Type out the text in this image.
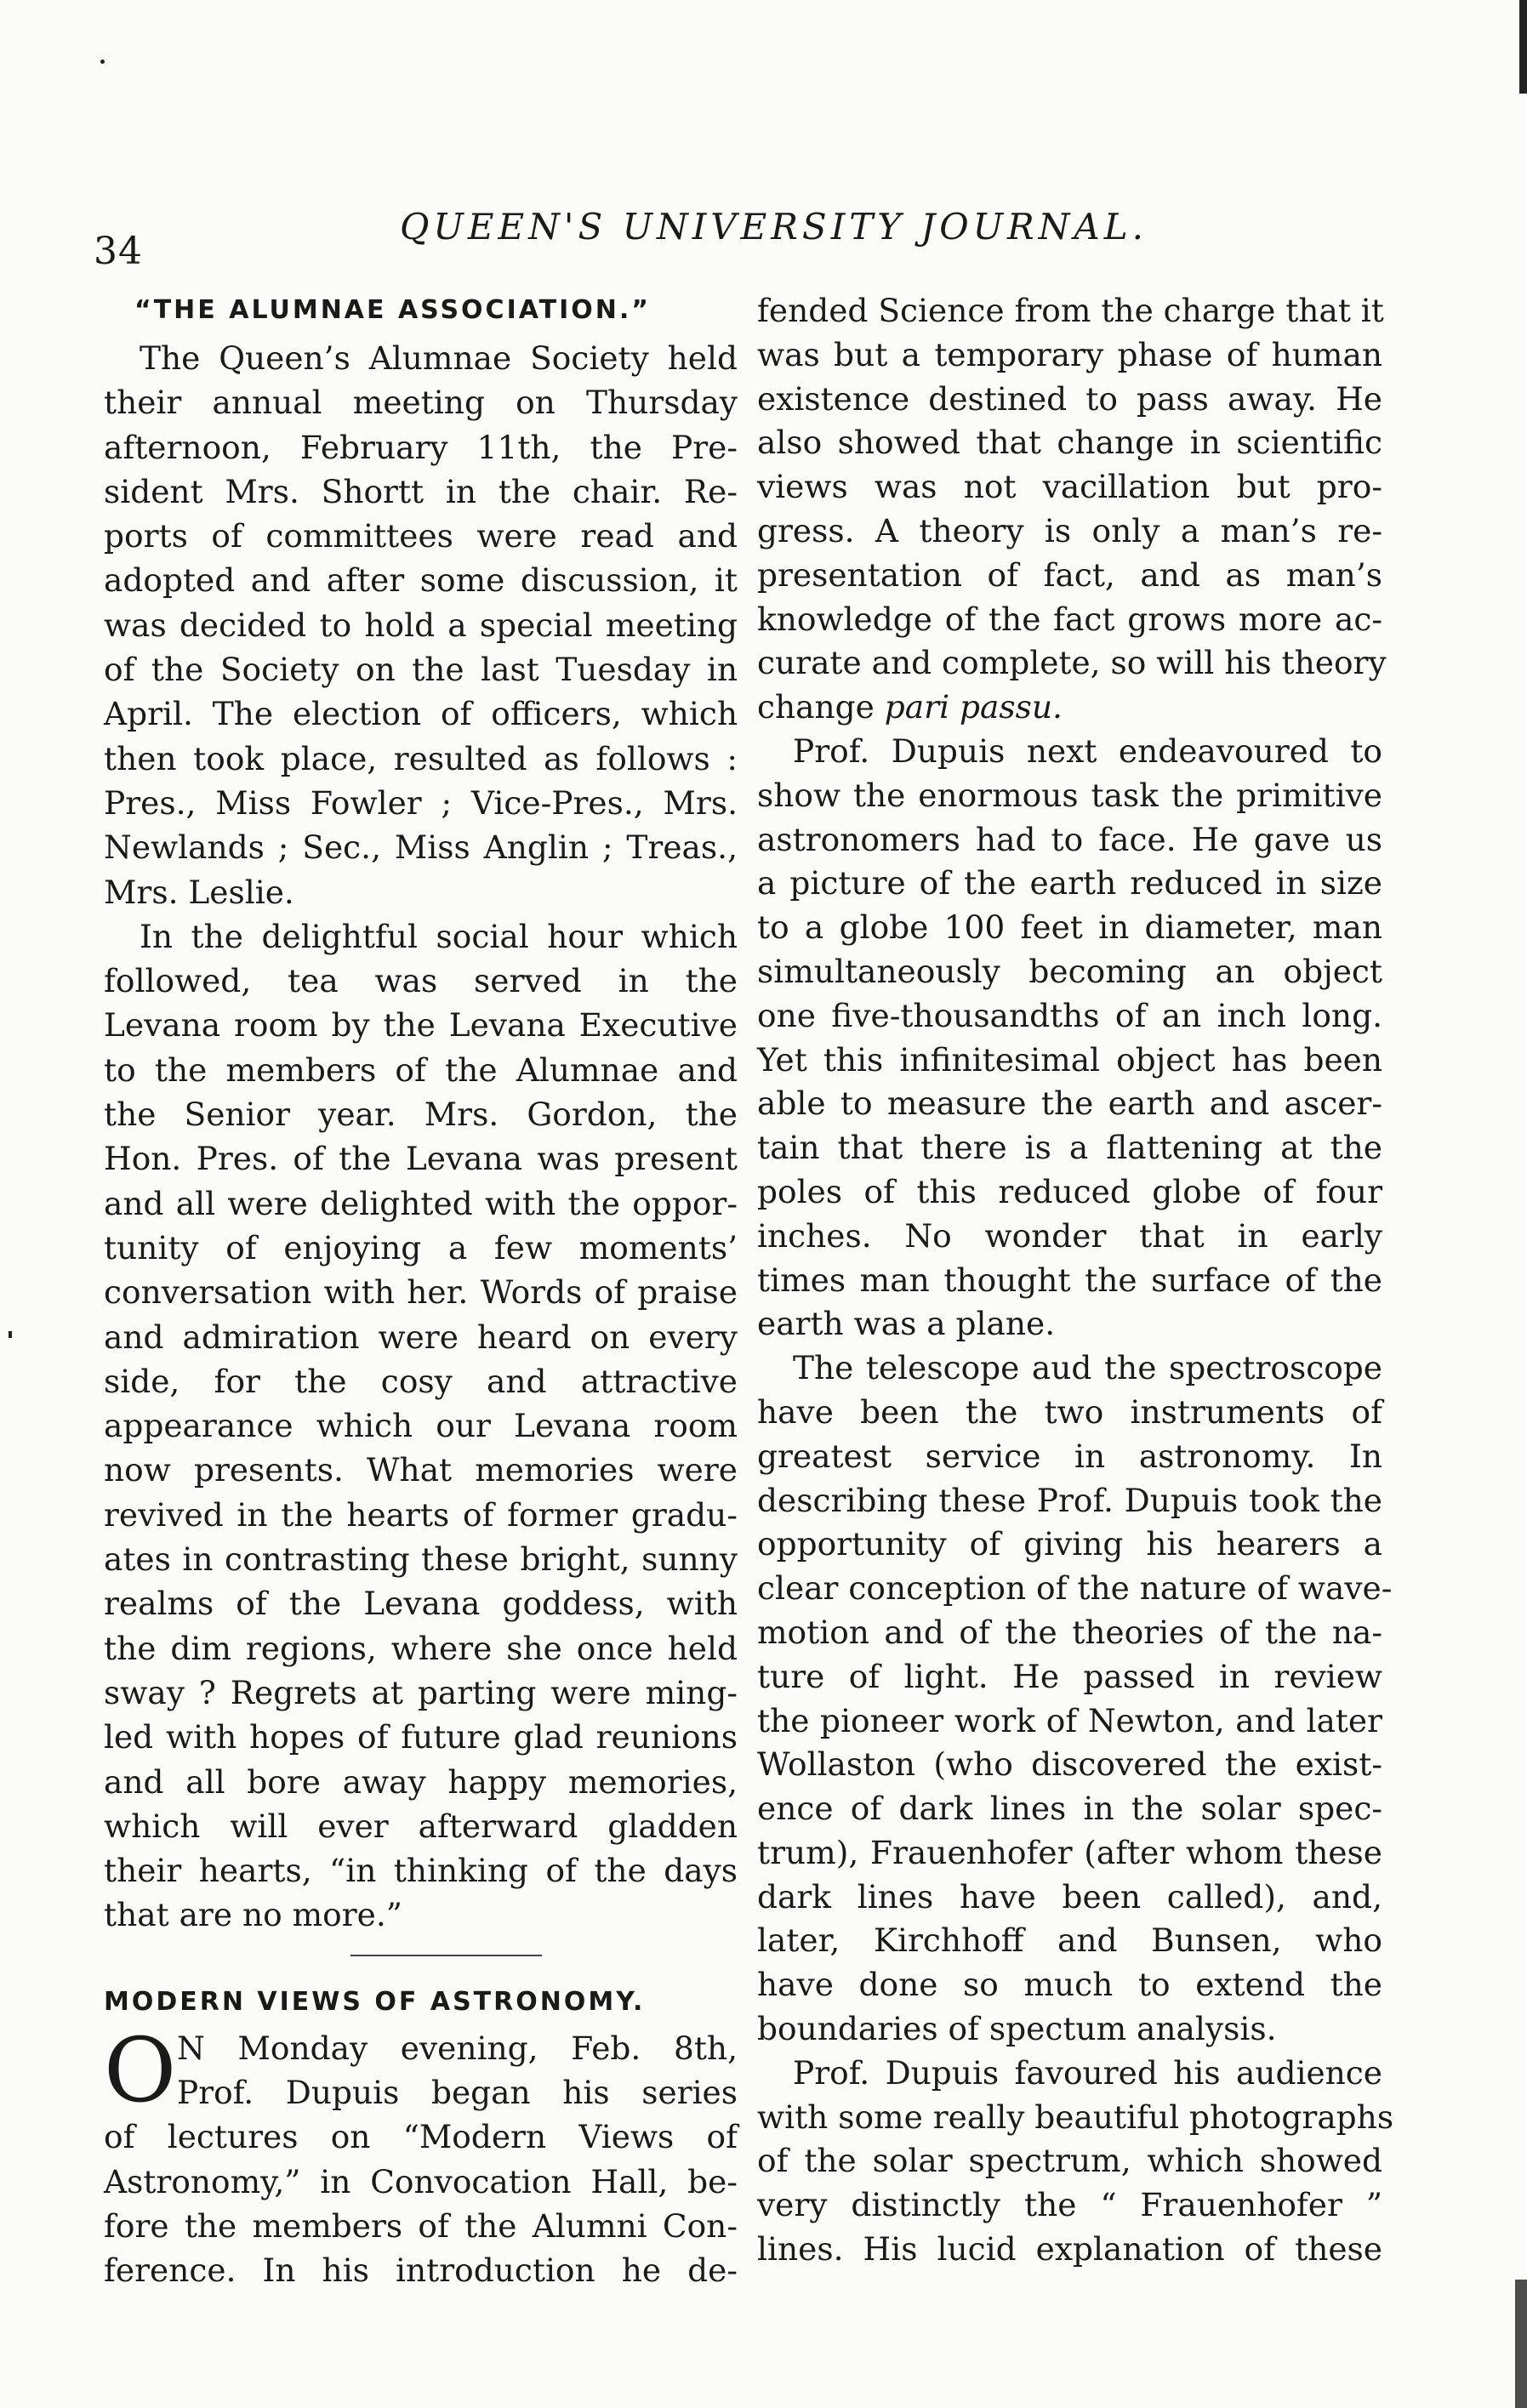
34
QUEEN'S UNIVERSITY JOURNAL.
“THE ALUMNAE ASSOCIATION.”
The Queen’s Alumnae Society held
their annual meeting on Thursday
afternoon, February 11th, the Pre-
sident Mrs. Shortt in the chair. Re-
ports of committees were read and
adopted and after some discussion, it
was decided to hold a special meeting
of the Society on the last Tuesday in
April. The election of officers, which
then took place, resulted as follows :
Pres., Miss Fowler ; Vice-Pres., Mrs.
Newlands ; Sec., Miss Anglin ; Treas.,
Mrs. Leslie.
In the delightful social hour which
followed, tea was served in the
Levana room by the Levana Executive
to the members of the Alumnae and
the Senior year. Mrs. Gordon, the
Hon. Pres. of the Levana was present
and all were delighted with the oppor-
tunity of enjoying a few moments’
conversation with her. Words of praise
and admiration were heard on every
side, for the cosy and attractive
appearance which our Levana room
now presents. What memories were
revived in the hearts of former gradu-
ates in contrasting these bright, sunny
realms of the Levana goddess, with
the dim regions, where she once held
sway ? Regrets at parting were ming-
led with hopes of future glad reunions
and all bore away happy memories,
which will ever afterward gladden
their hearts, “in thinking of the days
that are no more.”
MODERN VIEWS OF ASTRONOMY.
O N Monday evening, Feb. 8th,
Prof. Dupuis began his series
of lectures on “Modern Views of
Astronomy,” in Convocation Hall, be-
fore the members of the Alumni Con-
ference. In his introduction he de-
fended Science from the charge that it
was but a temporary phase of human
existence destined to pass away. He
also showed that change in scientific
views was not vacillation but pro-
gress. A theory is only a man’s re-
presentation of fact, and as man’s
knowledge of the fact grows more ac-
curate and complete, so will his theory
change pari passu.
Prof. Dupuis next endeavoured to
show the enormous task the primitive
astronomers had to face. He gave us
a picture of the earth reduced in size
to a globe 100 feet in diameter, man
simultaneously becoming an object
one five-thousandths of an inch long.
Yet this infinitesimal object has been
able to measure the earth and ascer-
tain that there is a flattening at the
poles of this reduced globe of four
inches. No wonder that in early
times man thought the surface of the
earth was a plane.
The telescope aud the spectroscope
have been the two instruments of
greatest service in astronomy. In
describing these Prof. Dupuis took the
opportunity of giving his hearers a
clear conception of the nature of wave-
motion and of the theories of the na-
ture of light. He passed in review
the pioneer work of Newton, and later
Wollaston (who discovered the exist-
ence of dark lines in the solar spec-
trum), Frauenhofer (after whom these
dark lines have been called), and,
later, Kirchhoff and Bunsen, who
have done so much to extend the
boundaries of spectum analysis.
Prof. Dupuis favoured his audience
with some really beautiful photographs
of the solar spectrum, which showed
very distinctly the “ Frauenhofer ”
lines. His lucid explanation of these
